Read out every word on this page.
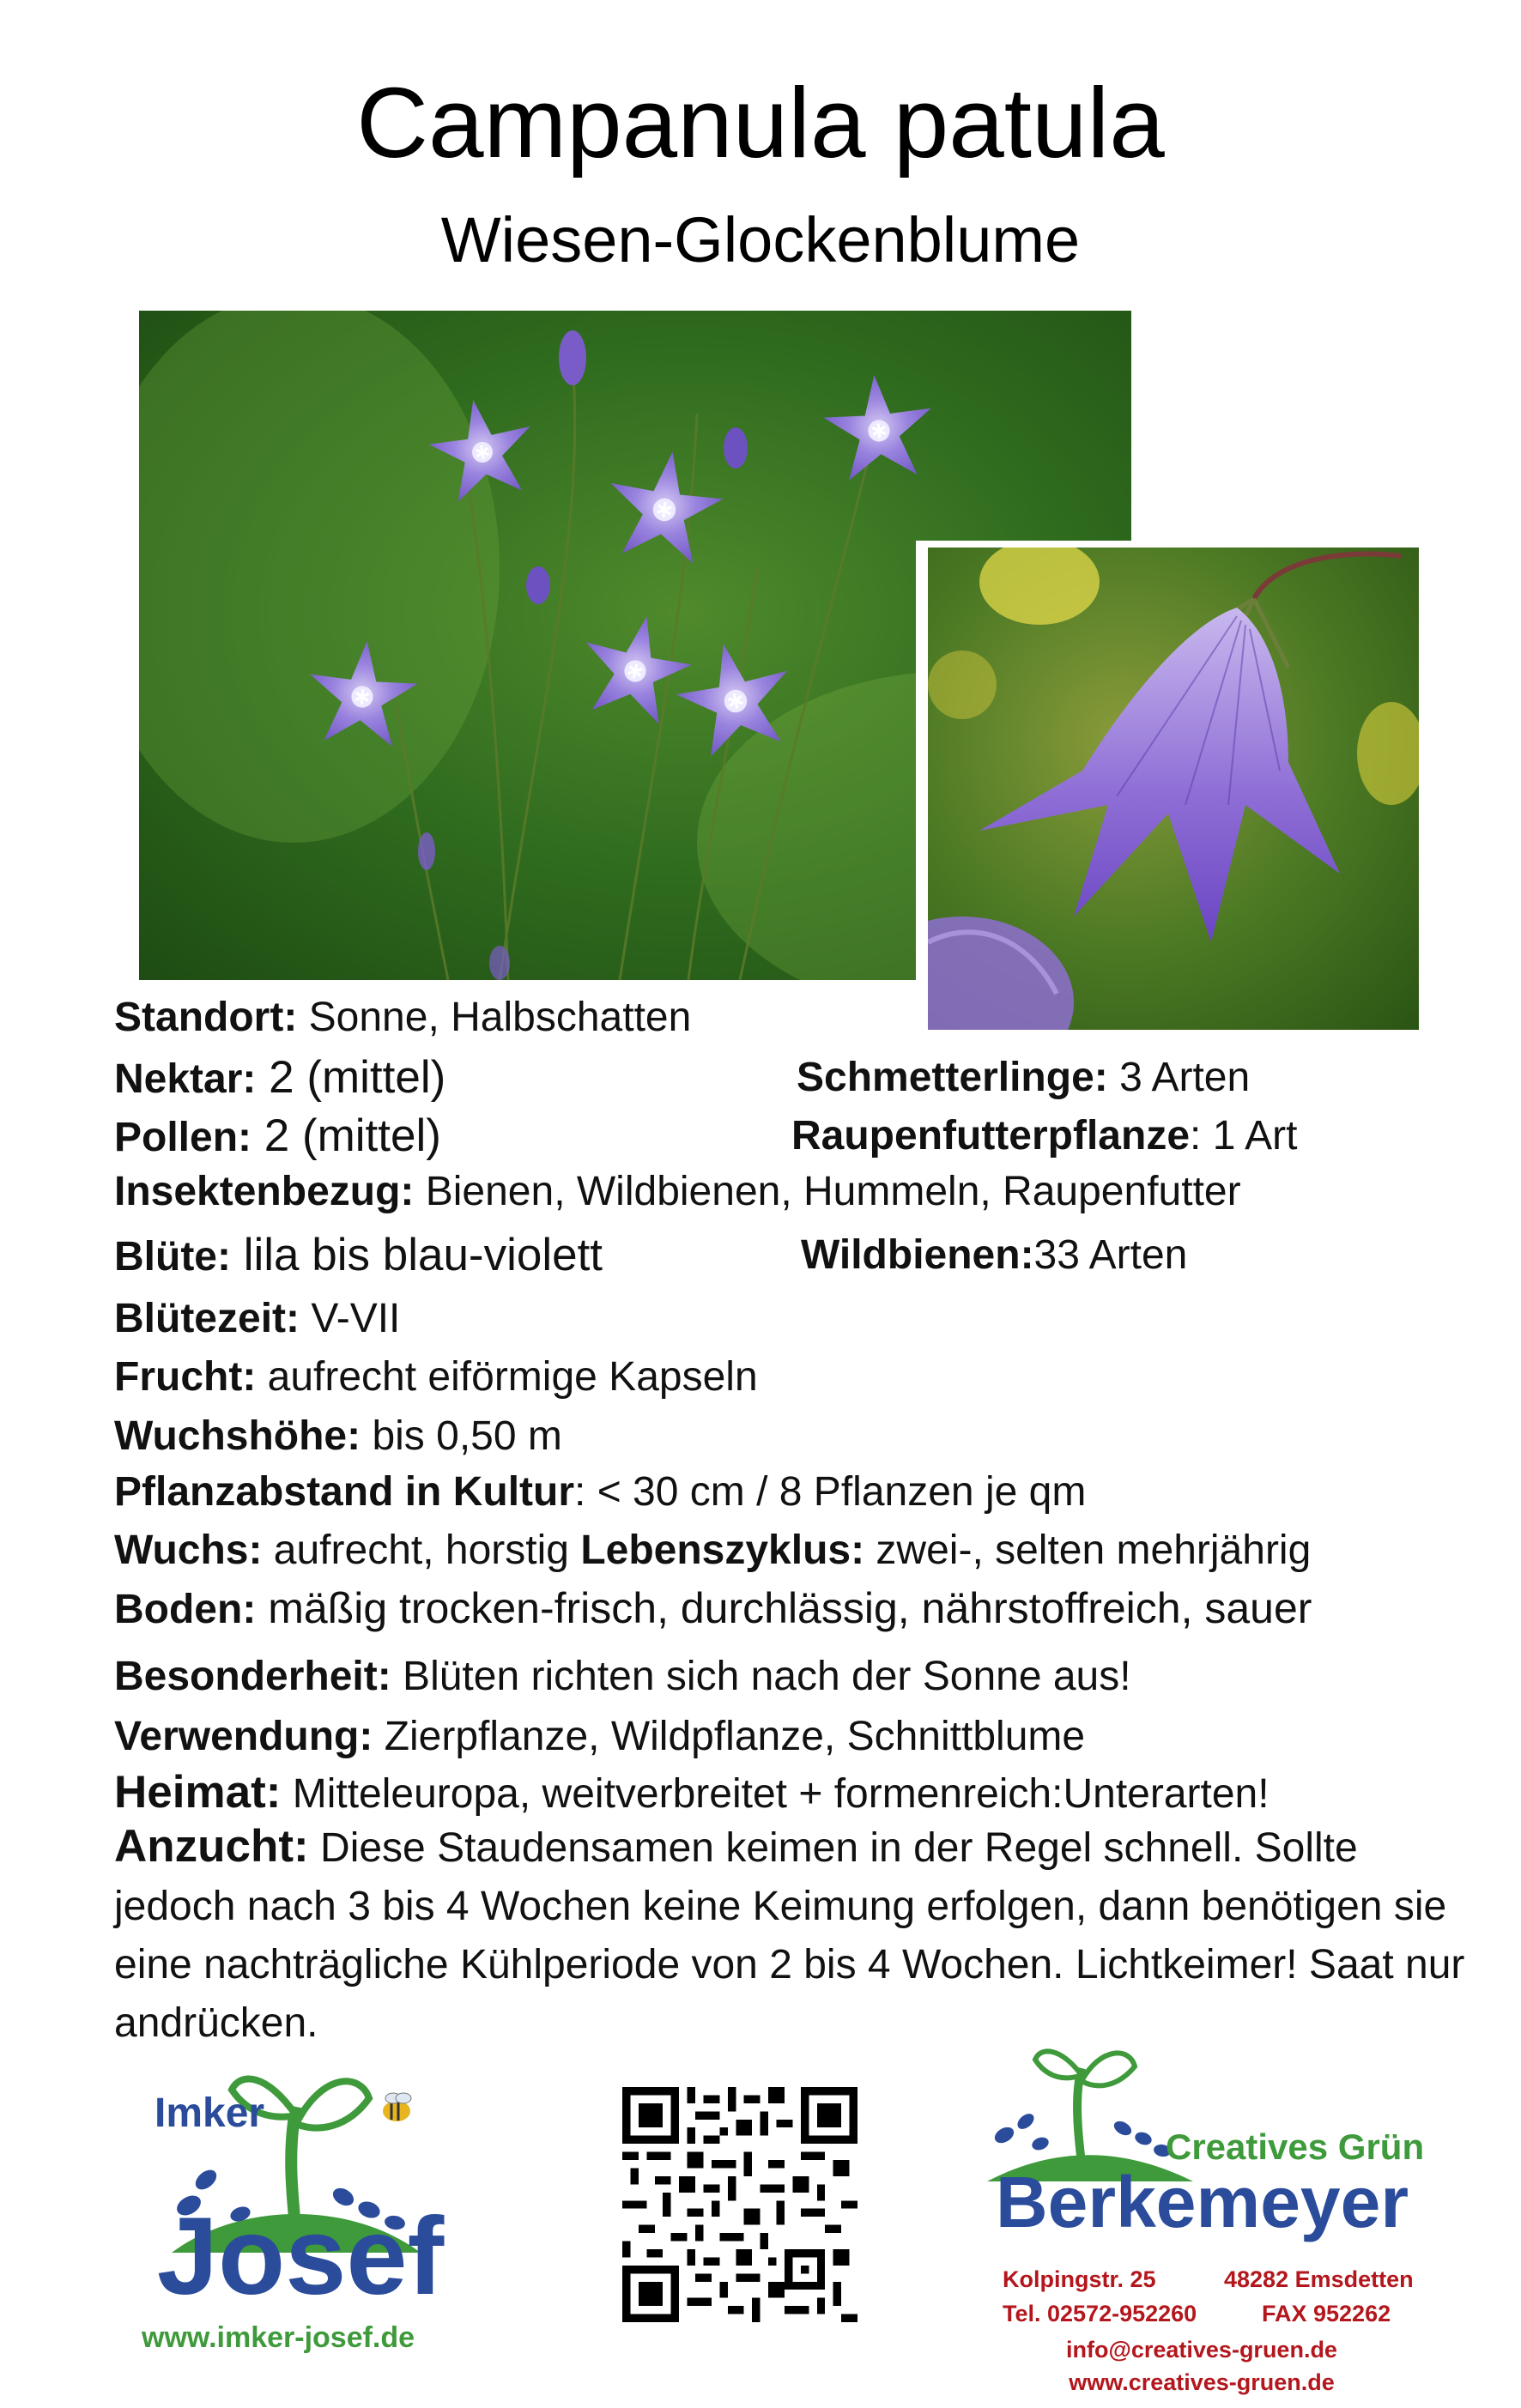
Campanula patula
Wiesen-Glockenblume
Standort: Sonne, Halbschatten
Nektar: 2 (mittel)	Schmetterlinge: 3 Arten
Pollen: 2 (mittel)	Raupenfutterpflanze: 1 Art
Insektenbezug: Bienen, Wildbienen, Hummeln, Raupenfutter
Blüte: lila bis blau-violett	Wildbienen:33 Arten
Blütezeit: V-VII
Frucht: aufrecht eiförmige Kapseln
Wuchshöhe: bis 0,50 m
Pflanzabstand in Kultur: < 30 cm / 8 Pflanzen je qm
Wuchs: aufrecht, horstig Lebenszyklus: zwei-, selten mehrjährig
Boden: mäßig trocken-frisch, durchlässig, nährstoffreich, sauer
Besonderheit: Blüten richten sich nach der Sonne aus!
Verwendung: Zierpflanze, Wildpflanze, Schnittblume
Heimat: Mitteleuropa, weitverbreitet + formenreich:Unterarten!
Anzucht: Diese Staudensamen keimen in der Regel schnell. Sollte jedoch nach 3 bis 4 Wochen keine Keimung erfolgen, dann benötigen sie eine nachträgliche Kühlperiode von 2 bis 4 Wochen. Lichtkeimer! Saat nur andrücken.
Imker
Josef
www.imker-josef.de
Creatives Grün
Berkemeyer
Kolpingstr. 25	48282 Emsdetten
Tel. 02572-952260	FAX 952262
info@creatives-gruen.de
www.creatives-gruen.de
